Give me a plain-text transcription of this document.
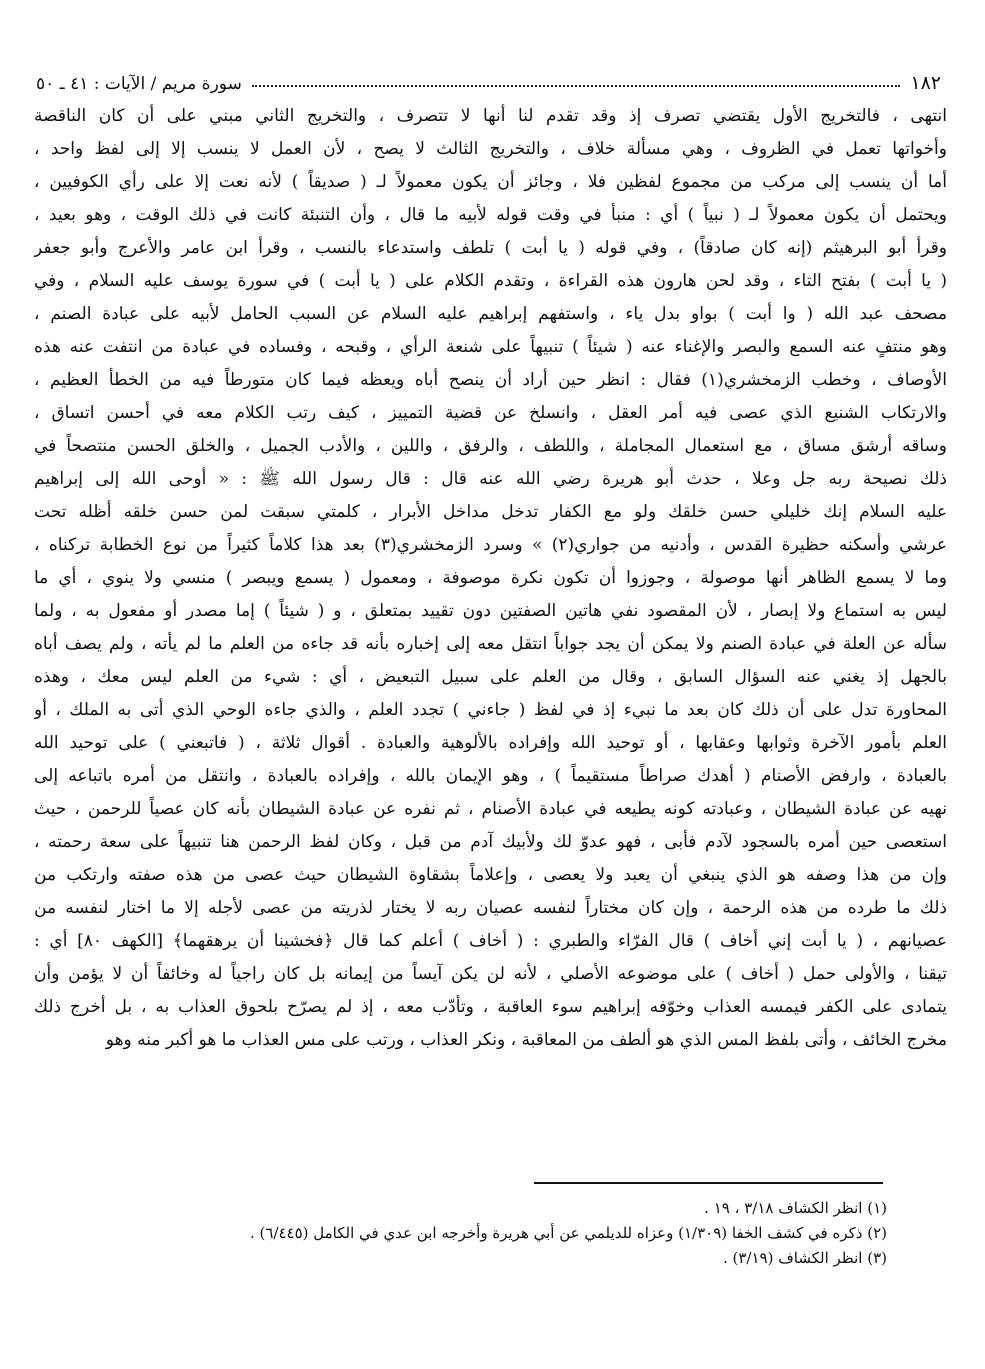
١٨٢
سورة مريم / الآيات : ٤١ ـ ٥٠
انتهى ، فالتخريج الأول يقتضي تصرف إذ وقد تقدم لنا أنها لا تتصرف ، والتخريج الثاني مبني على أن كان الناقصة
وأخواتها تعمل في الظروف ، وهي مسألة خلاف ، والتخريج الثالث لا يصح ، لأن العمل لا ينسب إلا إلى لفظ واحد ،
أما أن ينسب إلى مركب من مجموع لفظين فلا ، وجائز أن يكون معمولاً لـ ( صديقاً ) لأنه نعت إلا على رأي الكوفيين ،
ويحتمل أن يكون معمولاً لـ ( نبياً ) أي : منبأ في وقت قوله لأبيه ما قال ، وأن التنبئة كانت في ذلك الوقت ، وهو بعيد ،
وقرأ أبو البرهيثم (إنه كان صادقاً) ، وفي قوله ( يا أبت ) تلطف واستدعاء بالنسب ، وقرأ ابن عامر والأعرج وأبو جعفر
( يا أبت ) بفتح التاء ، وقد لحن هارون هذه القراءة ، وتقدم الكلام على ( يا أبت ) في سورة يوسف عليه السلام ، وفي
مصحف عبد الله ( وا أبت ) بواو بدل ياء ، واستفهم إبراهيم عليه السلام عن السبب الحامل لأبيه على عبادة الصنم ،
وهو منتفٍ عنه السمع والبصر والإغناء عنه ( شيئاً ) تنبيهاً على شنعة الرأي ، وقبحه ، وفساده في عبادة من انتفت عنه هذه
الأوصاف ، وخطب الزمخشري(١) فقال : انظر حين أراد أن ينصح أباه ويعظه فيما كان متورطاً فيه من الخطأ العظيم ،
والارتكاب الشنيع الذي عصى فيه أمر العقل ، وانسلخ عن قضية التمييز ، كيف رتب الكلام معه في أحسن اتساق ،
وساقه أرشق مساق ، مع استعمال المجاملة ، واللطف ، والرفق ، واللين ، والأدب الجميل ، والخلق الحسن منتصحاً في
ذلك نصيحة ربه جل وعلا ، حدث أبو هريرة رضي الله عنه قال : قال رسول الله ﷺ : « أوحى الله إلى إبراهيم
عليه السلام إنك خليلي حسن خلقك ولو مع الكفار تدخل مداخل الأبرار ، كلمتي سبقت لمن حسن خلقه أظله تحت
عرشي وأسكنه حظيرة القدس ، وأدنيه من جواري(٢) » وسرد الزمخشري(٣) بعد هذا كلاماً كثيراً من نوع الخطابة تركناه ،
وما لا يسمع الظاهر أنها موصولة ، وجوزوا أن تكون نكرة موصوفة ، ومعمول ( يسمع ويبصر ) منسي ولا ينوي ، أي ما
ليس به استماع ولا إبصار ، لأن المقصود نفي هاتين الصفتين دون تقييد بمتعلق ، و ( شيئاً ) إما مصدر أو مفعول به ، ولما
سأله عن العلة في عبادة الصنم ولا يمكن أن يجد جواباً انتقل معه إلى إخباره بأنه قد جاءه من العلم ما لم يأته ، ولم يصف أباه
بالجهل إذ يغني عنه السؤال السابق ، وقال من العلم على سبيل التبعيض ، أي : شيء من العلم ليس معك ، وهذه
المحاورة تدل على أن ذلك كان بعد ما نبيء إذ في لفظ ( جاءني ) تجدد العلم ، والذي جاءه الوحي الذي أتى به الملك ، أو
العلم بأمور الآخرة وثوابها وعقابها ، أو توحيد الله وإفراده بالألوهية والعبادة . أقوال ثلاثة ، ( فاتبعني ) على توحيد الله
بالعبادة ، وارفض الأصنام ( أهدك صراطاً مستقيماً ) ، وهو الإيمان بالله ، وإفراده بالعبادة ، وانتقل من أمره باتباعه إلى
نهيه عن عبادة الشيطان ، وعبادته كونه يطيعه في عبادة الأصنام ، ثم نفره عن عبادة الشيطان بأنه كان عصياً للرحمن ، حيث
استعصى حين أمره بالسجود لآدم فأبى ، فهو عدوّ لك ولأبيك آدم من قبل ، وكان لفظ الرحمن هنا تنبيهاً على سعة رحمته ،
وإن من هذا وصفه هو الذي ينبغي أن يعبد ولا يعصى ، وإعلاماً بشقاوة الشيطان حيث عصى من هذه صفته وارتكب من
ذلك ما طرده من هذه الرحمة ، وإن كان مختاراً لنفسه عصيان ربه لا يختار لذريته من عصى لأجله إلا ما اختار لنفسه من
عصيانهم ، ( يا أبت إني أخاف ) قال الفرّاء والطبري : ( أخاف ) أعلم كما قال ﴿فخشينا أن يرهقهما﴾ [الكهف ٨٠] أي :
تيقنا ، والأولى حمل ( أخاف ) على موضوعه الأصلي ، لأنه لن يكن آيساً من إيمانه بل كان راجياً له وخائفاً أن لا يؤمن وأن
يتمادى على الكفر فيمسه العذاب وخوّفه إبراهيم سوء العاقبة ، وتأدّب معه ، إذ لم يصرّح بلحوق العذاب به ، بل أخرج ذلك
مخرج الخائف ، وأتى بلفظ المس الذي هو ألطف من المعاقبة ، ونكر العذاب ، ورتب على مس العذاب ما هو أكبر منه وهو
(١) انظر الكشاف ٣/١٨ ، ١٩ .
(٢) ذكره في كشف الخفا (١/٣٠٩) وعزاه للديلمي عن أبي هريرة وأخرجه ابن عدي في الكامل (٦/٤٤٥) .
(٣) انظر الكشاف (٣/١٩) .
